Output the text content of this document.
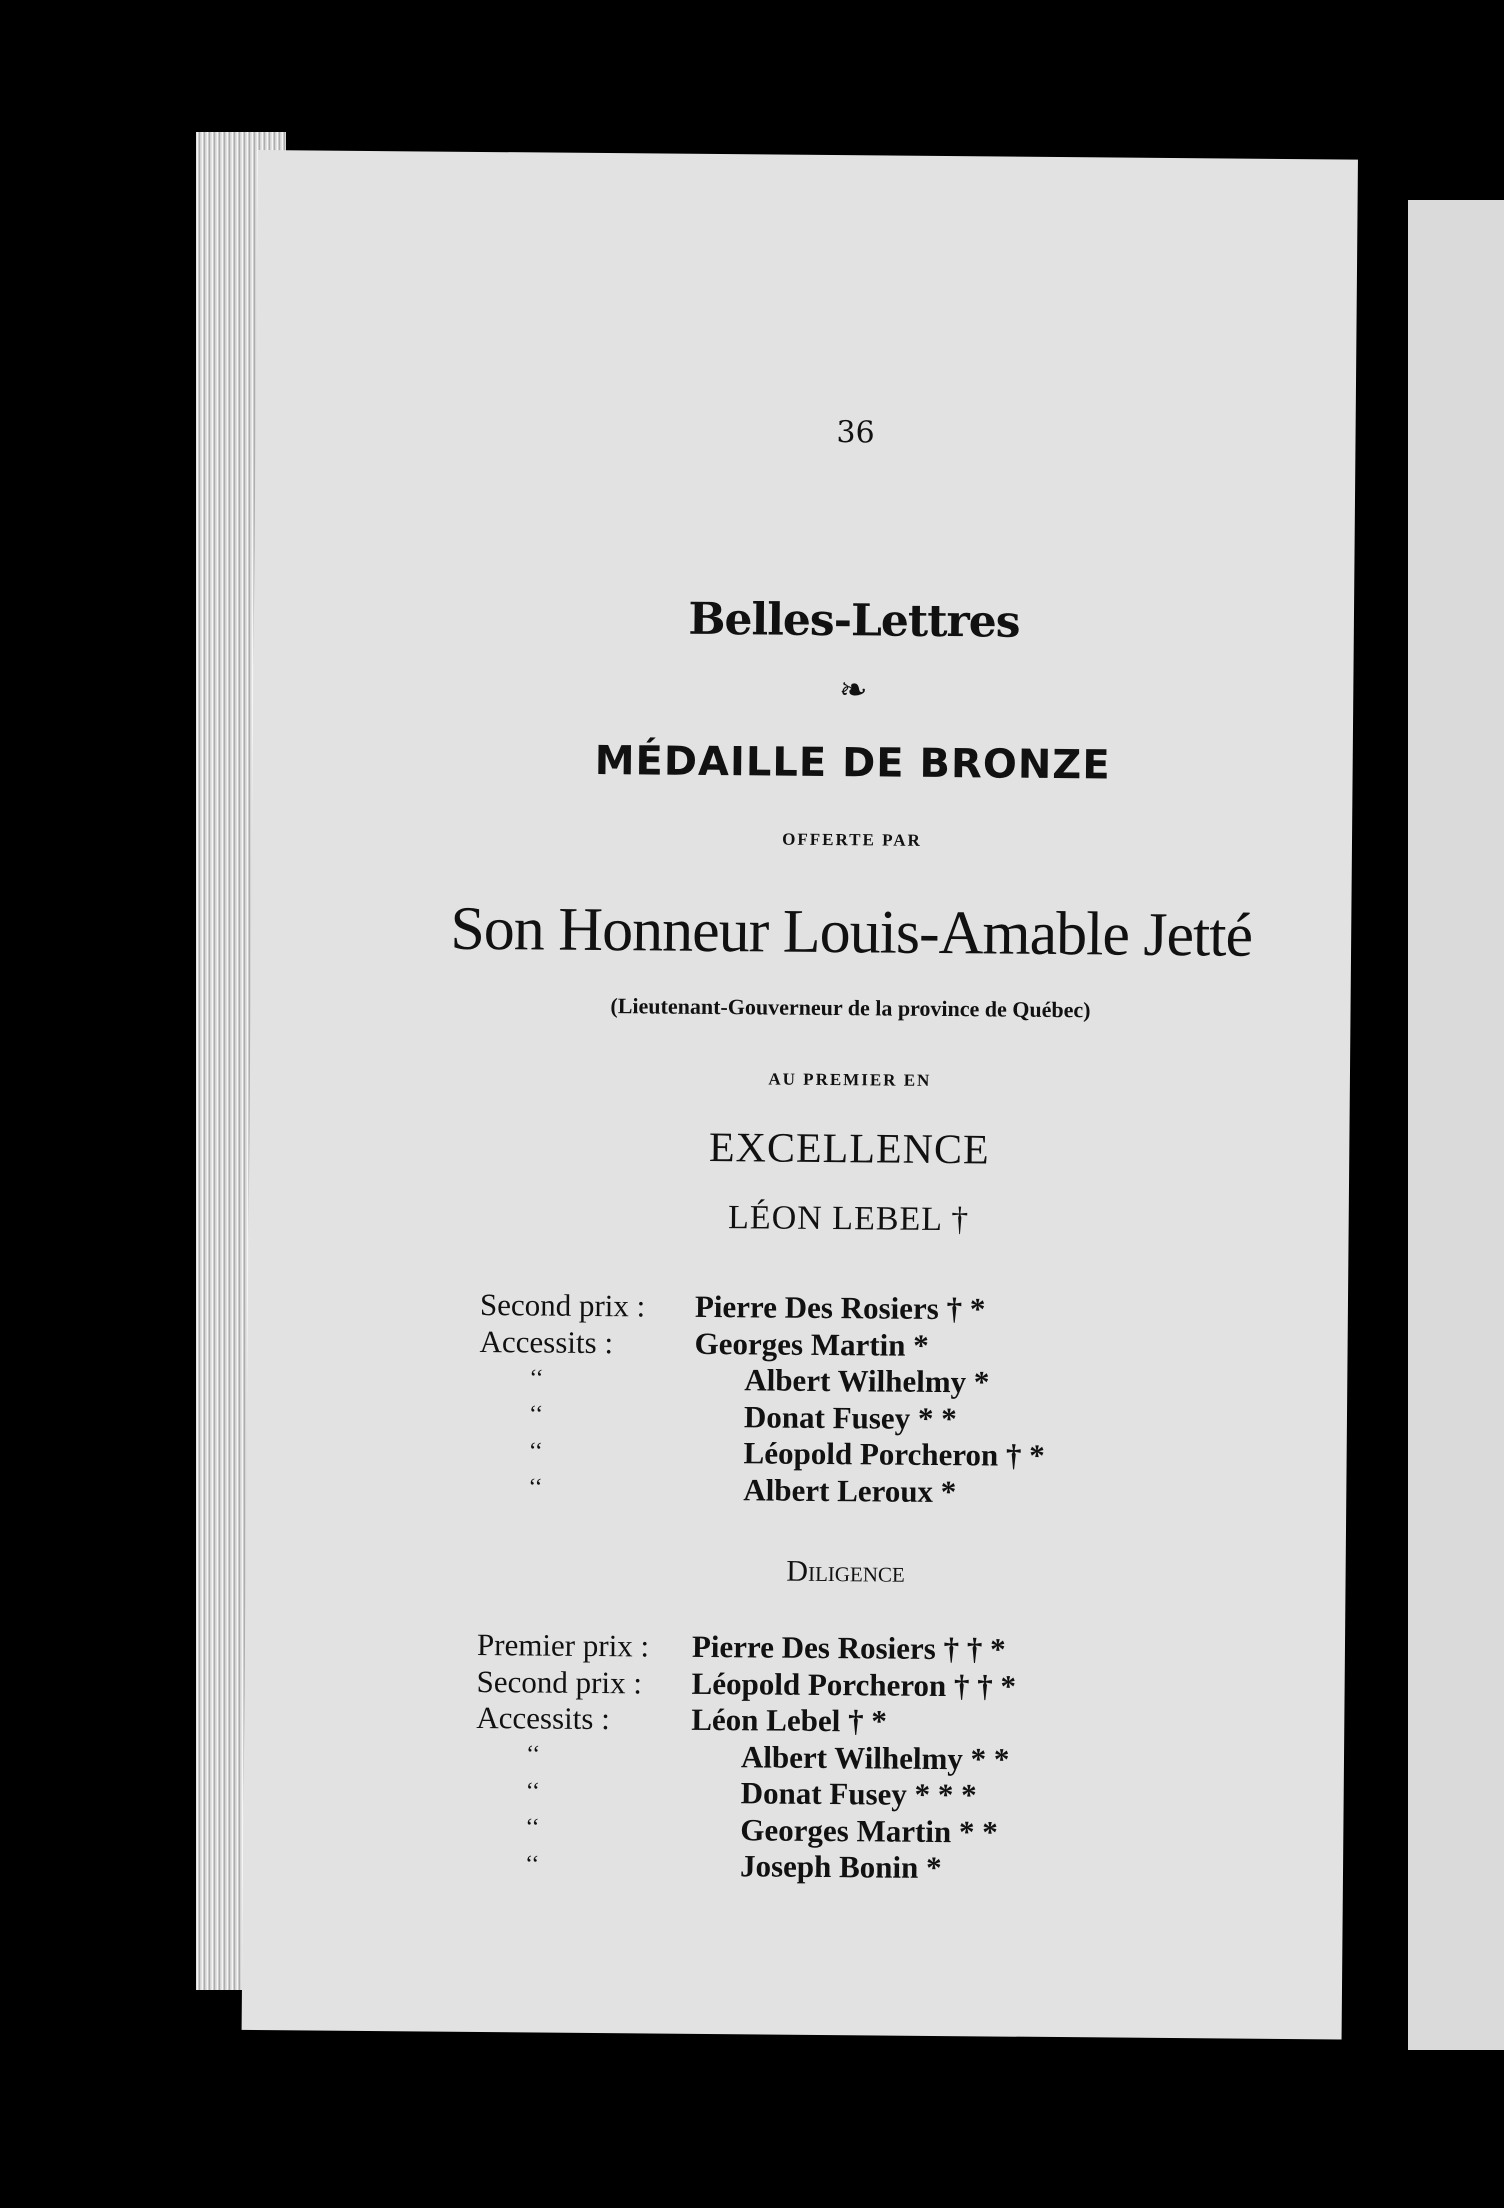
36
Belles-Lettres
❧
MÉDAILLE DE BRONZE
OFFERTE PAR
Son Honneur Louis-Amable Jetté
(Lieutenant-Gouverneur de la province de Québec)
AU PREMIER EN
EXCELLENCE
LÉON LEBEL †
Second prix :	Pierre Des Rosiers † *
Accessits :	Georges Martin *
‘‘	Albert Wilhelmy *
‘‘	Donat Fusey * *
‘‘	Léopold Porcheron † *
‘‘	Albert Leroux *
Diligence
Premier prix :	Pierre Des Rosiers † † *
Second prix :	Léopold Porcheron † † *
Accessits :	Léon Lebel † *
‘‘	Albert Wilhelmy * *
‘‘	Donat Fusey * * *
‘‘	Georges Martin * *
‘‘	Joseph Bonin *
